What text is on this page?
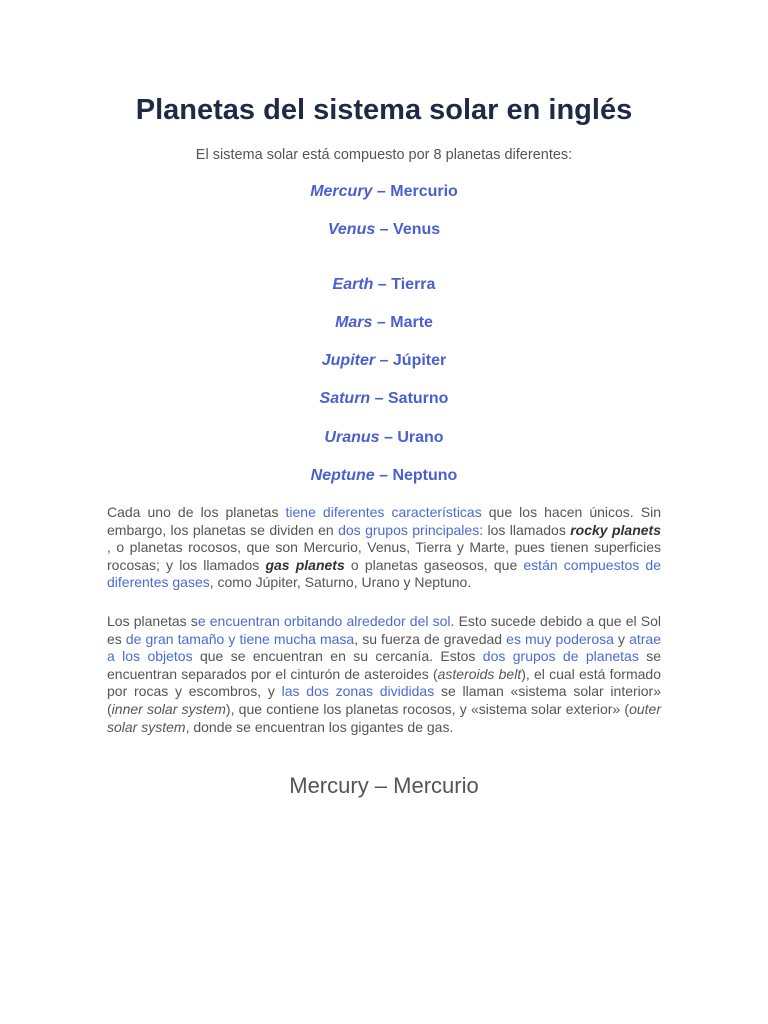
Planetas del sistema solar en inglés
El sistema solar está compuesto por 8 planetas diferentes:
Mercury – Mercurio
Venus – Venus
Earth – Tierra
Mars – Marte
Jupiter – Júpiter
Saturn – Saturno
Uranus – Urano
Neptune – Neptuno

Cada uno de los planetas tiene diferentes características que los hacen únicos. Sin embargo, los planetas se dividen en dos grupos principales: los llamados rocky planets , o planetas rocosos, que son Mercurio, Venus, Tierra y Marte, pues tienen superficies rocosas; y los llamados gas planets o planetas gaseosos, que están compuestos de diferentes gases, como Júpiter, Saturno, Urano y Neptuno.

Los planetas se encuentran orbitando alrededor del sol. Esto sucede debido a que el Sol es de gran tamaño y tiene mucha masa, su fuerza de gravedad es muy poderosa y atrae a los objetos que se encuentran en su cercanía. Estos dos grupos de planetas se encuentran separados por el cinturón de asteroides (asteroids belt), el cual está formado por rocas y escombros, y las dos zonas divididas se llaman «sistema solar interior» (inner solar system), que contiene los planetas rocosos, y «sistema solar exterior» (outer solar system, donde se encuentran los gigantes de gas.

Mercury – Mercurio
